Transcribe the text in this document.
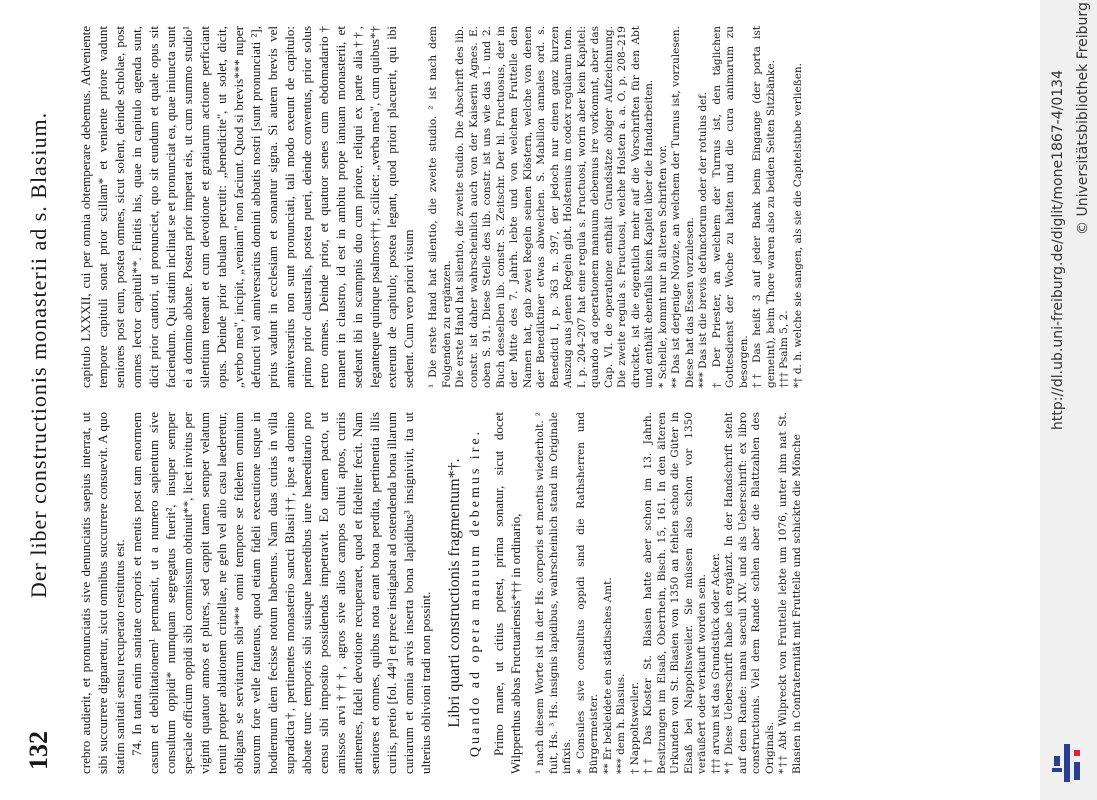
132
Der liber constructionis monasterii ad s. Blasium. crebro audierit, et pronunciatis sive denunciatis saepius interrat, ut sibi succurrere dignaretur, sicut omnibus succurrere consuevit. A quo statim sanitati sensu recuperato restitutus est. 74. In tanta enim sanitate corporis et mentis post tam enormem casum et debilitationem¹ permansit, ut a numero sapientum sive consultum oppidi* numquam segregatus fuerit², insuper semper speciale officium oppidi sibi commissum obtinuit**, licet invitus per viginti quatuor annos et plures, sed cappit tamen semper velatum tenuit propter ablationem crinellae, ne geln vel alio casu laederetur, obligans se servitarum sibi*** omni tempore se fidelem omnium suorum fore velle fautenus, quod etiam fideli executione usque in hodiernum diem fecisse notum habemus. Nam duas curias in villa supradicta†, pertinentes monasterio sancti Blasii††, ipse a domino abbate tunc temporis sibi suisque haeredibus iure haereditario pro censu sibi imposito possidendas impetravit. Eo tamen pacto, ut amissos arvi†††, agros sive alios campos cultui aptos, curiis attinentes, fideli devotione recuperaret, quod et fideliter fecit. Nam seniores et omnes, quibus nota erant bona perdita, pertinentia illis curiis, pretio [fol. 44ᵃ] et prece instigabat ad ostendenda bona illarum curiarum et omnia arvis inserta bona lapidibus³ insigniviit, ita ut ulterius oblivioni tradi non possint. Libri quarti constructionis fragmentum*†. Quando ad opera manuum debemus ire. Primo mane, ut citius potest, prima sonatur, sicut docet Wilpperthus abbas Fructuariensis*†† in ordinario, ¹ nach diesem Worte ist in der Hs. corporis et mentis wiederholt. ² fuit, Hs. ³ Hs. insignis lapidibus, wahrscheinlich stand im Originale infixis. * Consules sive consultus oppidi sind die Rathsherren und Bürgermeister. ** Er bekleidete ein städtisches Amt. *** dem h. Blasius. † Nappoltsweiler. †† Das Kloster St. Blasien hatte aber schon im 13. Jahrh. Besitzungen im Elsaß, Oberrhein, Bisch. 15, 161. In den älteren Urkunden von St. Blasien von 1350 an fehlen schon die Güter in Elsaß bei Nappoltsweiler. Sie müssen also schon vor 1350 veräußert oder verkauft worden sein. ††† arvum ist das Grundstück oder Acker. *† Diese Ueberschrift habe ich ergänzt. In der Handschrift steht auf dem Rande: manu saeculi XIV. und als Ueberschrift: ex libro constructionis. Viel dem Rande schlen aber die Blattzahlen des Originals. *†† Abt Wilpreckt von Fruttelle lebte um 1076, unter ihm nat St. Blasien in Confraternität mit Fruttelle und schickte die Mönche

capitulo LXXXII, cui per omnia obtemperare debemus. Adveniente tempore capituli sonat prior scillam* et veniente priore vadunt seniores post eum, postea omnes, sicut solent, deinde scholae, post omnes lector capituli**. Finitis his, quae in capitulo agenda sunt, dicit prior cantori, ut pronunciet, quo sit eundum et quale opus sit faciendum. Qui statim inclinat se et pronunciat ea, quae iniuncta sunt ei a domino abbate. Postea prior imperat eis, ut cum summo studio¹ silentium teneant et cum devotione et gratiarum actione perficiant opus. Deinde prior tabulam percutit: „benedicite", ut solet, dicit, „verbo mea", incipit, „veniam" non faciunt. Quod si brevis*** nuper defuncti vel anniversarius domini abbatis nostri [sunt pronunciati ²], prius vadunt in ecclesiam et sonantur signa. Si autem brevis vel anniversarius non sunt pronunciati, tali modo exeunt de capitulo: primo prior claustralis, postea pueri, deinde conventus, prior solus retro omnes. Deinde prior, et quatuor senes cum ebdomadario† manent in claustro, id est in ambitu prope ianuam monasterii, et sedeant ibi in scampnis duo cum priore, reliqui ex parte alia††, leganteque quinque psalmos†††, scilicet: „verba mea", cum quibus*† exterunt de capitulo; postea legant, quod priori placuerit, qui ibi sedent. Cum vero priori visum ¹ Die erste Hand hat silentio, die zweite studio. ² ist nach dem Folgenden zu ergänzen. Die erste Hand hat silentio, die zweite studio. Die Abschrift des lib. constr. ist daher wahrscheinlich auch von der Kaiserin Agnes. E. oben S. 91. Diese Stelle des lib. constr. ist uns wie das 1. und 2. Buch desselben lib. constr. S. Zeitschr. Der hl. Fructuosus, der in der Mitte des 7. Jahrh. lebte und von welchem Fruttelle den Namen hat, gab zwei Regeln seinen Klöstern, welche von denen der Benediktiner etwas abweichen. S. Mabillon annales ord. s. Benedicti I, p. 363 n. 397, der jedoch nur einen ganz kurzen Auszug aus jenen Regeln gibt. Holstenius im codex regularum tom. I. p. 204–207 hat eine regula s. Fructuosi, worin aber kein Kapitel: quando ad operationem manuum debemus ire vorkommt, aber das Cap. VI. de operatione enthält Grundsätze obiger Aufzeichnung. Die zweite regula s. Fructuosi, welche Holsten a. a. O. p. 208–219 druckte, ist die eigentlich mehr auf die Vorschriften für den Abt und enthält ebenfalls kein Kapitel über die Handarbeiten. * Schelle, kommt nur in älteren Schriften vor. ** Das ist derjenige Novize, an welchem der Turnus ist, vorzulesen. Diese hat das Essen vorzulesen. *** Das ist die brevis defunctorum oder der rotulus def. † Der Priester, an welchem der Turnus ist, den täglichen Gottesdienst der Woche zu halten und die cura animarum zu besorgen. †† Das heißt 3 auf jeder Bank beim Eingange (der porta ist gemeint), beim Thore waren also zu beiden Seiten Sitzbänke. ††† Psalm 5, 2. *† d. h. welche sie sangen, als sie die Capitelstube verließen.	http://dl.ub.uni-freiburg.de/diglit/mone1867-4/0134 © Universitätsbibliothek Freiburg
